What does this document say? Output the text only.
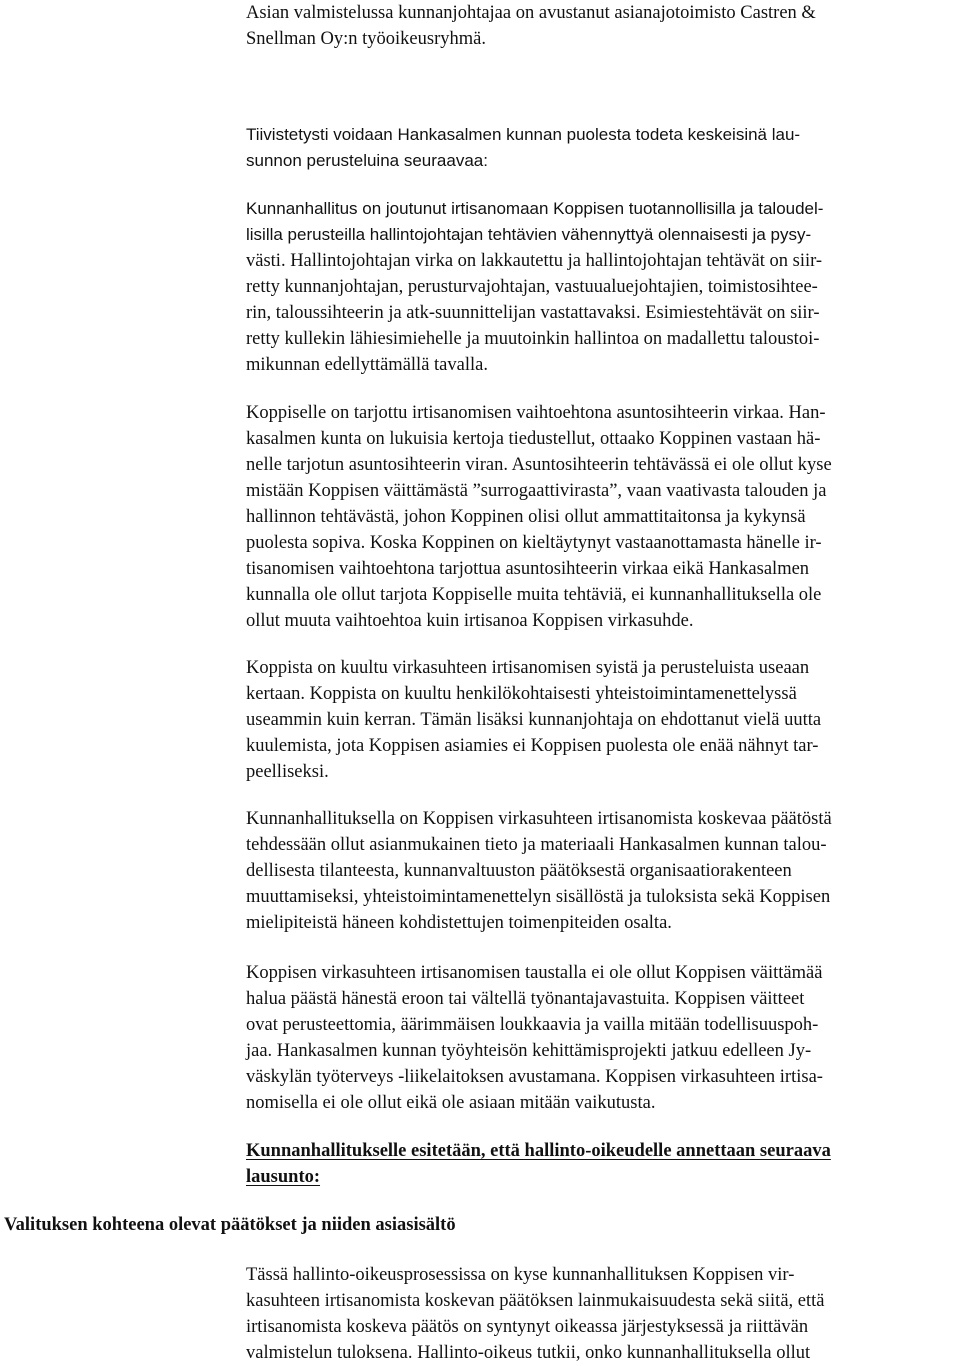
Asian valmistelussa kunnanjohtajaa on avustanut asianajotoimisto Castren &
Snellman Oy:n työoikeusryhmä.
Tiivistetysti voidaan Hankasalmen kunnan puolesta todeta keskeisinä lau-
sunnon perusteluina seuraavaa:
Kunnanhallitus on joutunut irtisanomaan Koppisen tuotannollisilla ja taloudel-
lisilla perusteilla hallintojohtajan tehtävien vähennyttyä olennaisesti ja pysy-
västi. Hallintojohtajan virka on lakkautettu ja hallintojohtajan tehtävät on siir-
retty kunnanjohtajan, perusturvajohtajan, vastuualuejohtajien, toimistosihtee-
rin, taloussihteerin ja atk-suunnittelijan vastattavaksi. Esimiestehtävät on siir-
retty kullekin lähiesimiehelle ja muutoinkin hallintoa on madallettu taloustoi-
mikunnan edellyttämällä tavalla.
Koppiselle on tarjottu irtisanomisen vaihtoehtona asuntosihteerin virkaa. Han-
kasalmen kunta on lukuisia kertoja tiedustellut, ottaako Koppinen vastaan hä-
nelle tarjotun asuntosihteerin viran. Asuntosihteerin tehtävässä ei ole ollut kyse
mistään Koppisen väittämästä ”surrogaattivirasta”, vaan vaativasta talouden ja
hallinnon tehtävästä, johon Koppinen olisi ollut ammattitaitonsa ja kykynsä
puolesta sopiva. Koska Koppinen on kieltäytynyt vastaanottamasta hänelle ir-
tisanomisen vaihtoehtona tarjottua asuntosihteerin virkaa eikä Hankasalmen
kunnalla ole ollut tarjota Koppiselle muita tehtäviä, ei kunnanhallituksella ole
ollut muuta vaihtoehtoa kuin irtisanoa Koppisen virkasuhde.
Koppista on kuultu virkasuhteen irtisanomisen syistä ja perusteluista useaan
kertaan. Koppista on kuultu henkilökohtaisesti yhteistoimintamenettelyssä
useammin kuin kerran. Tämän lisäksi kunnanjohtaja on ehdottanut vielä uutta
kuulemista, jota Koppisen asiamies ei Koppisen puolesta ole enää nähnyt tar-
peelliseksi.
Kunnanhallituksella on Koppisen virkasuhteen irtisanomista koskevaa päätöstä
tehdessään ollut asianmukainen tieto ja materiaali Hankasalmen kunnan talou-
dellisesta tilanteesta, kunnanvaltuuston päätöksestä organisaatiorakenteen
muuttamiseksi, yhteistoimintamenettelyn sisällöstä ja tuloksista sekä Koppisen
mielipiteistä häneen kohdistettujen toimenpiteiden osalta.
Koppisen virkasuhteen irtisanomisen taustalla ei ole ollut Koppisen väittämää
halua päästä hänestä eroon tai vältellä työnantajavastuita. Koppisen väitteet
ovat perusteettomia, äärimmäisen loukkaavia ja vailla mitään todellisuuspoh-
jaa. Hankasalmen kunnan työyhteisön kehittämisprojekti jatkuu edelleen Jy-
väskylän työterveys -liikelaitoksen avustamana. Koppisen virkasuhteen irtisa-
nomisella ei ole ollut eikä ole asiaan mitään vaikutusta.
Kunnanhallitukselle esitetään, että hallinto-oikeudelle annettaan seuraava
lausunto:
Valituksen kohteena olevat päätökset ja niiden asiasisältö
Tässä hallinto-oikeusprosessissa on kyse kunnanhallituksen Koppisen vir-
kasuhteen irtisanomista koskevan päätöksen lainmukaisuudesta sekä siitä, että
irtisanomista koskeva päätös on syntynyt oikeassa järjestyksessä ja riittävän
valmistelun tuloksena. Hallinto-oikeus tutkii, onko kunnanhallituksella ollut
